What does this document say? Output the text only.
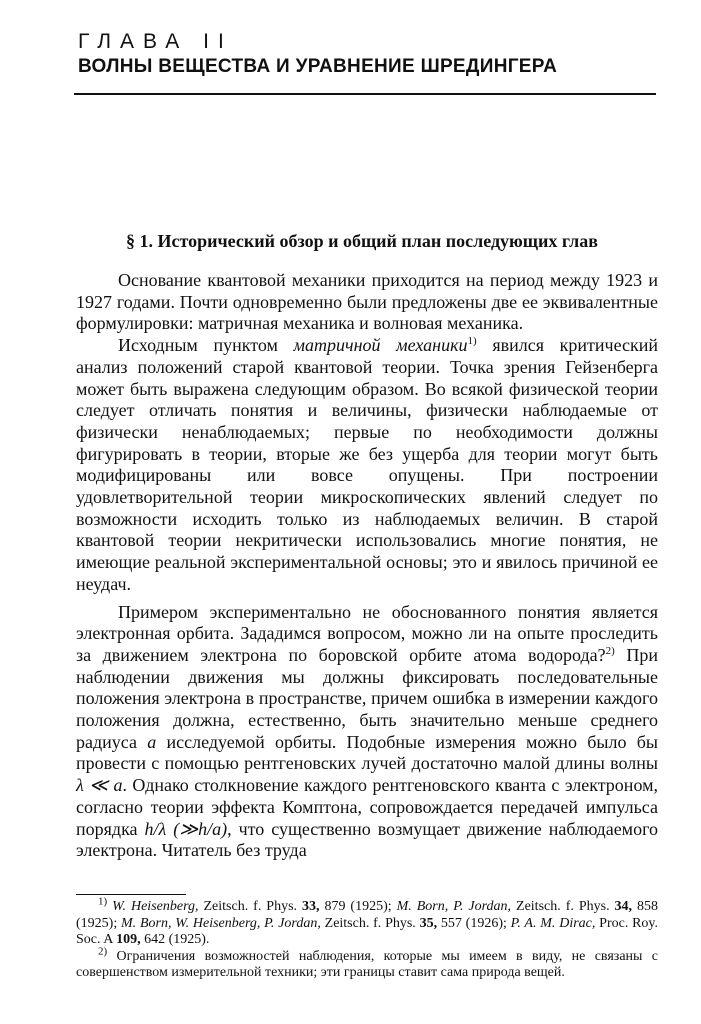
ГЛАВА II
ВОЛНЫ ВЕЩЕСТВА И УРАВНЕНИЕ ШРЕДИНГЕРА
§ 1. Исторический обзор и общий план последующих глав

Основание квантовой механики приходится на период между 1923 и 1927 годами. Почти одновременно были предложены две ее эквивалентные формулировки: матричная механика и волновая механика.

Исходным пунктом матричной механики$^{1)}$ явился критический анализ положений старой квантовой теории. Точка зрения Гейзенберга может быть выражена следующим образом. Во всякой физической теории следует отличать понятия и величины, физически наблюдаемые от физически ненаблюдаемых; первые по необходимости должны фигурировать в теории, вторые же без ущерба для теории могут быть модифицированы или вовсе опущены. При построении удовлетворительной теории микроскопических явлений следует по возможности исходить только из наблюдаемых величин. В старой квантовой теории некритически использовались многие понятия, не имеющие реальной экспериментальной основы; это и явилось причиной ее неудач.

Примером экспериментально не обоснованного понятия является электронная орбита. Зададимся вопросом, можно ли на опыте проследить за движением электрона по боровской орбите атома водорода?$^{2)}$ При наблюдении движения мы должны фиксировать последовательные положения электрона в пространстве, причем ошибка в измерении каждого положения должна, естественно, быть значительно меньше среднего радиуса a исследуемой орбиты. Подобные измерения можно было бы провести с помощью рентгеновских лучей достаточно малой длины волны λ ≪ a. Однако столкновение каждого рентгеновского кванта с электроном, согласно теории эффекта Комптона, сопровождается передачей импульса порядка h/λ (≫h/a), что существенно возмущает движение наблюдаемого электрона. Читатель без труда

$^{1)}$ W. Heisenberg, Zeitsch. f. Phys. 33, 879 (1925); M. Born, P. Jordan, Zeitsch. f. Phys. 34, 858 (1925); M. Born, W. Heisenberg, P. Jordan, Zeitsch. f. Phys. 35, 557 (1926); P. A. M. Dirac, Proc. Roy. Soc. A 109, 642 (1925).

$^{2)}$ Ограничения возможностей наблюдения, которые мы имеем в виду, не связаны с совершенством измерительной техники; эти границы ставит сама природа вещей.
